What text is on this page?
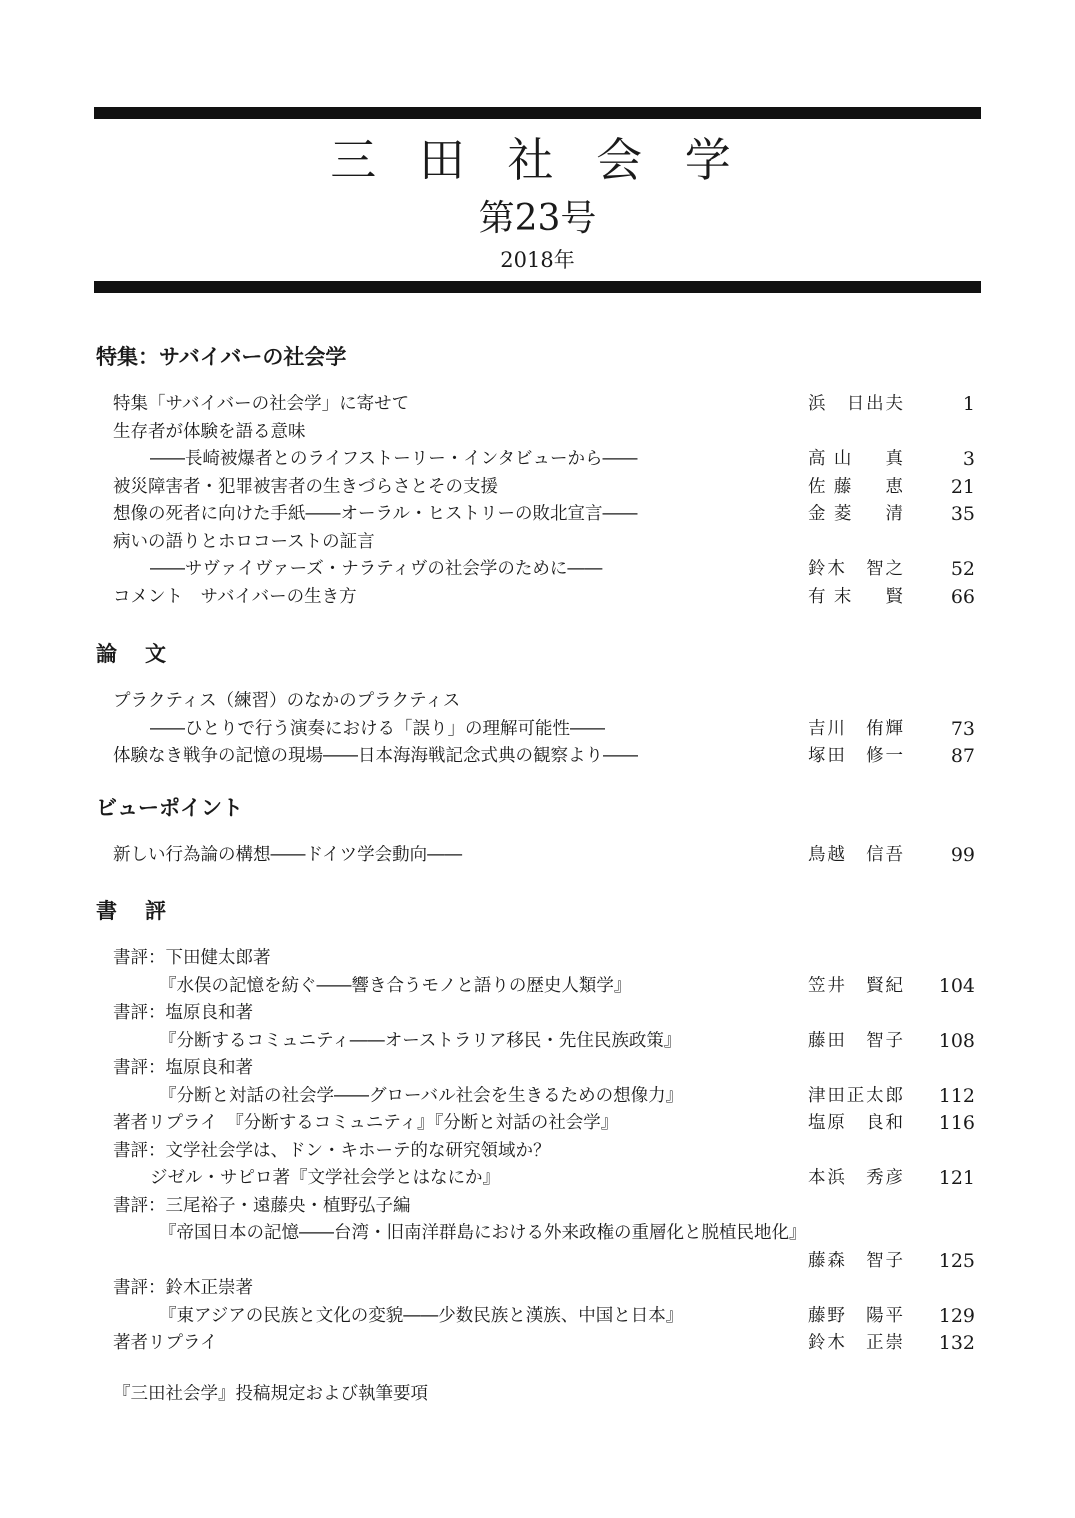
三 田 社 会 学
第23号
2018年
特集：サバイバーの社会学
特集「サバイバーの社会学」に寄せて	浜　日出夫	1
生存者が体験を語る意味
――長崎被爆者とのライフストーリー・インタビューから――	高山　真	3
被災障害者・犯罪被害者の生きづらさとその支援	佐藤　恵	21
想像の死者に向けた手紙――オーラル・ヒストリーの敗北宣言――	金菱　清	35
病いの語りとホロコーストの証言
――サヴァイヴァーズ・ナラティヴの社会学のために――	鈴木　智之	52
コメント　サバイバーの生き方	有末　賢	66
論文
プラクティス（練習）のなかのプラクティス
――ひとりで行う演奏における「誤り」の理解可能性――	吉川　侑輝	73
体験なき戦争の記憶の現場――日本海海戦記念式典の観察より――	塚田　修一	87
ビューポイント
新しい行為論の構想――ドイツ学会動向――	鳥越　信吾	99
書評
書評：下田健太郎著
『水俣の記憶を紡ぐ――響き合うモノと語りの歴史人類学』	笠井　賢紀	104
書評：塩原良和著
『分断するコミュニティ――オーストラリア移民・先住民族政策』	藤田　智子	108
書評：塩原良和著
『分断と対話の社会学――グローバル社会を生きるための想像力』	津田正太郎	112
著者リプライ　『分断するコミュニティ』『分断と対話の社会学』	塩原　良和	116
書評：文学社会学は、ドン・キホーテ的な研究領域か？
ジゼル・サピロ著『文学社会学とはなにか』	本浜　秀彦	121
書評：三尾裕子・遠藤央・植野弘子編
『帝国日本の記憶――台湾・旧南洋群島における外来政権の重層化と脱植民地化』
藤森　智子	125
書評：鈴木正崇著
『東アジアの民族と文化の変貌――少数民族と漢族、中国と日本』	藤野　陽平	129
著者リプライ	鈴木　正崇	132
『三田社会学』投稿規定および執筆要項
